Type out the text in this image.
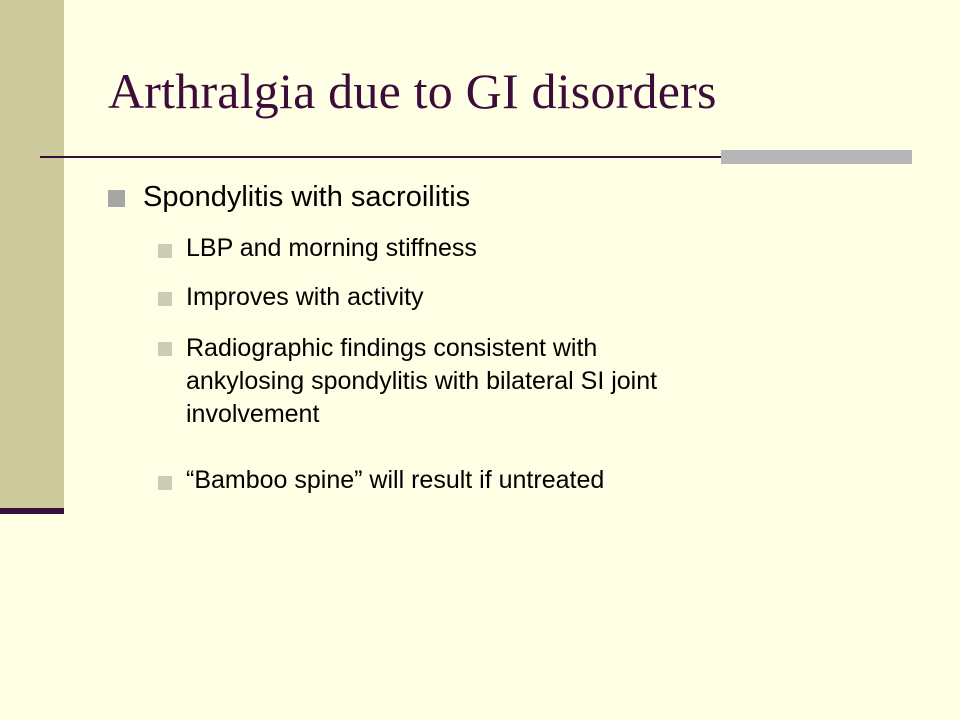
Arthralgia due to GI disorders
Spondylitis with sacroilitis
LBP and morning stiffness
Improves with activity
Radiographic findings consistent with
ankylosing spondylitis with bilateral SI joint
involvement
“Bamboo spine” will result if untreated
